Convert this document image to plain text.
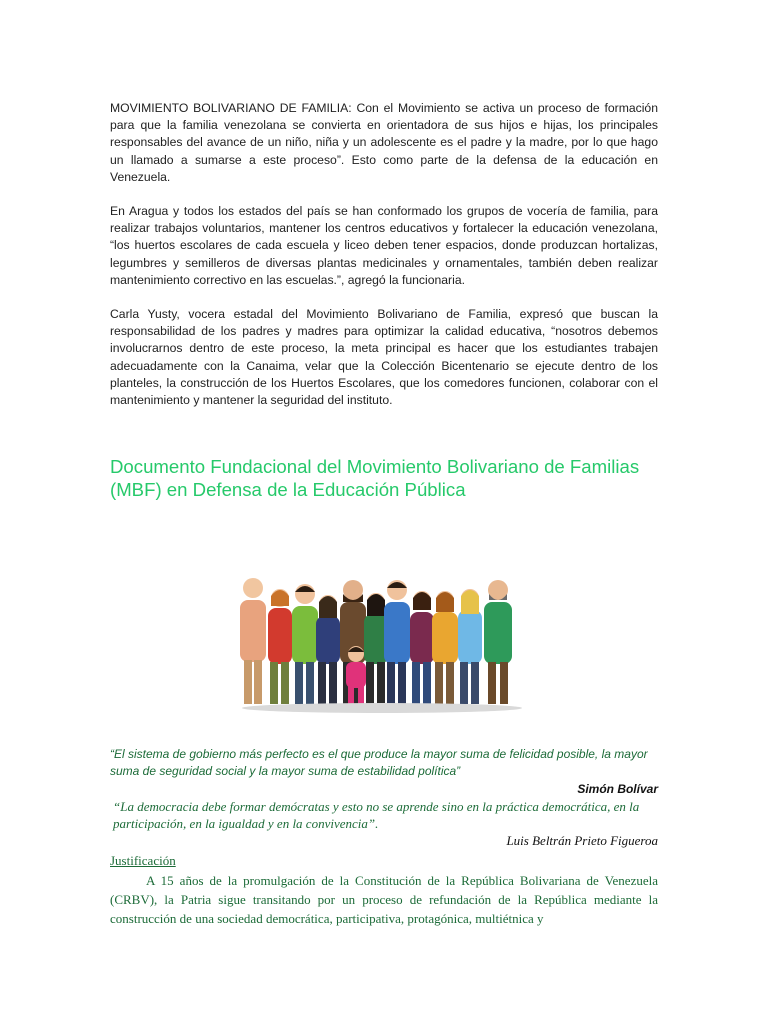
MOVIMIENTO BOLIVARIANO DE FAMILIA: Con el Movimiento se activa un proceso de formación para que la familia venezolana se convierta en orientadora de sus hijos e hijas, los principales responsables del avance de un niño, niña y un adolescente es el padre y la madre, por lo que hago un llamado a sumarse a este proceso”. Esto como parte de la defensa de la educación en Venezuela.

En Aragua y todos los estados del país se han conformado los grupos de vocería de familia, para realizar trabajos voluntarios, mantener los centros educativos y fortalecer la educación venezolana, “los huertos escolares de cada escuela y liceo deben tener espacios, donde produzcan hortalizas, legumbres y semilleros de diversas plantas medicinales y ornamentales, también deben realizar mantenimiento correctivo en las escuelas.”, agregó la funcionaria.

Carla Yusty, vocera estadal del Movimiento Bolivariano de Familia, expresó que buscan la responsabilidad de los padres y madres para optimizar la calidad educativa, “nosotros debemos involucrarnos dentro de este proceso, la meta principal es hacer que los estudiantes trabajen adecuadamente con la Canaima, velar que la Colección Bicentenario se ejecute dentro de los planteles, la construcción de los Huertos Escolares, que los comedores funcionen, colaborar con el mantenimiento y mantener la seguridad del instituto.

Documento Fundacional del Movimiento Bolivariano de Familias (MBF) en Defensa de la Educación Pública

“El sistema de gobierno más perfecto es el que produce la mayor suma de felicidad posible, la mayor suma de seguridad social y la mayor suma de estabilidad política”

Simón Bolívar

“La democracia debe formar demócratas y esto no se aprende sino en la práctica democrática, en la participación, en la igualdad y en la convivencia”.

Luis Beltrán Prieto Figueroa

Justificación

A 15 años de la promulgación de la Constitución de la República Bolivariana de Venezuela (CRBV), la Patria sigue transitando por un proceso de refundación de la República mediante la construcción de una sociedad democrática, participativa, protagónica, multiétnica y
